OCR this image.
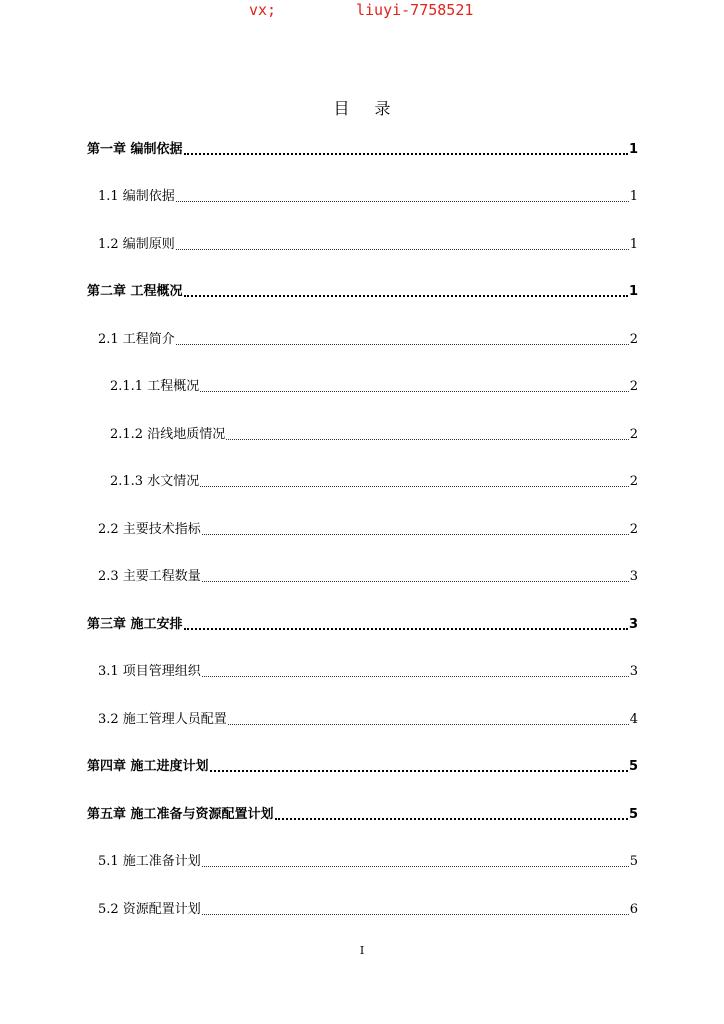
vx;	liuyi-7758521
目 录
第一章 编制依据	1
1.1 编制依据	1
1.2 编制原则	1
第二章 工程概况	1
2.1 工程简介	2
2.1.1 工程概况	2
2.1.2 沿线地质情况	2
2.1.3 水文情况	2
2.2 主要技术指标	2
2.3 主要工程数量	3
第三章 施工安排	3
3.1 项目管理组织	3
3.2 施工管理人员配置	4
第四章 施工进度计划	5
第五章 施工准备与资源配置计划	5
5.1 施工准备计划	5
5.2 资源配置计划	6
I
